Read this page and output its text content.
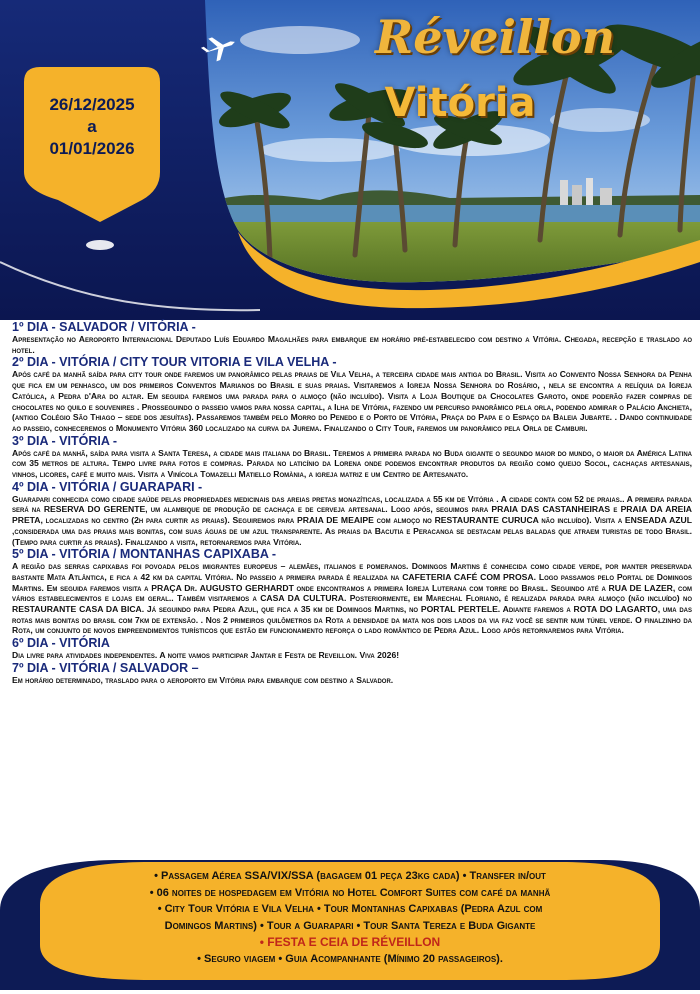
26/12/2025
a
01/01/2026
Réveillon
Vitória

1º DIA - SALVADOR / VITÓRIA -

Apresentação no Aeroporto Internacional Deputado Luís Eduardo Magalhães para embarque em horário pré-estabelecido com destino a Vitória. Chegada, recepção e traslado ao hotel.

2º DIA - VITÓRIA / CITY TOUR VITORIA E VILA VELHA -

Após café da manhã saída para city tour onde faremos um panorâmico pelas praias de Vila Velha, a terceira cidade mais antiga do Brasil. Visita ao Convento Nossa Senhora da Penha que fica em um penhasco, um dos primeiros Conventos Marianos do Brasil e suas praias. Visitaremos a Igreja Nossa Senhora do Rosário, , nela se encontra a relíquia da Igreja Católica, a Pedra d'Ara do altar. Em seguida faremos uma parada para o almoço (não incluído). Visita a Loja Boutique da Chocolates Garoto, onde poderão fazer compras de chocolates no quilo e souvenires . Prosseguindo o passeio vamos para nossa capital, a Ilha de Vitória, fazendo um percurso panorâmico pela orla, podendo admirar o Palácio Anchieta, (antigo Colégio São Thiago – sede dos jesuítas). Passaremos também pelo Morro do Penedo e o Porto de Vitória, Praça do Papa e o Espaço da Baleia Jubarte. . Dando continuidade ao passeio, conheceremos o Monumento Vitória 360 localizado na curva da Jurema. Finalizando o City Tour, faremos um panorâmico pela Orla de Camburi.

3º DIA - VITÓRIA -

Após café da manhã, saída para visita a Santa Teresa, a cidade mais italiana do Brasil. Teremos a primeira parada no Buda gigante o segundo maior do mundo, o maior da América Latina com 35 metros de altura. Tempo livre para fotos e compras. Parada no laticínio da Lorena onde podemos encontrar produtos da região como queijo Socol, cachaças artesanais, vinhos, licores, café e muito mais. Visita a Vinícola Tomazelli Matiello Romània, a igreja matriz e um Centro de Artesanato.

4º DIA - VITÓRIA / GUARAPARI -

Guarapari conhecida como cidade saúde pelas propriedades medicinais das areias pretas monazíticas, localizada a 55 km de Vitória . A cidade conta com 52 de praias.. A primeira parada será na RESERVA DO GERENTE, um alambique de produção de cachaça e de cerveja artesanal. Logo após, seguimos para PRAIA DAS CASTANHEIRAS e PRAIA DA AREIA PRETA, localizadas no centro (2h para curtir as praias). Seguiremos para PRAIA DE MEAIPE com almoço no RESTAURANTE CURUCA não incluído). Visita a ENSEADA AZUL ,considerada uma das praias mais bonitas, com suas águas de um azul transparente. As praias da Bacutia e Peracanga se destacam pelas baladas que atraem turistas de todo Brasil. (Tempo para curtir as praias). Finalizando a visita, retornaremos para Vitória.

5º DIA - VITÓRIA / MONTANHAS CAPIXABA -

A região das serras capixabas foi povoada pelos imigrantes europeus – alemães, italianos e pomeranos. Domingos Martins é conhecida como cidade verde, por manter preservada bastante Mata Atlântica, e fica a 42 km da capital Vitória. No passeio a primeira parada é realizada na CAFETERIA CAFÉ COM PROSA. Logo passamos pelo Portal de Domingos Martins. Em seguida faremos visita a PRAÇA Dr. AUGUSTO GERHARDT onde encontramos a primeira Igreja Luterana com torre do Brasil. Seguindo até a RUA DE LAZER, com vários estabelecimentos e lojas em geral.. Também visitaremos a CASA DA CULTURA. Posteriormente, em Marechal Floriano, é realizada parada para almoço (não incluído) no RESTAURANTE CASA DA BICA. Já seguindo para Pedra Azul, que fica a 35 km de Domingos Martins, no PORTAL PERTELE. Adiante faremos a ROTA DO LAGARTO, uma das rotas mais bonitas do brasil com 7km de extensão. . Nos 2 primeiros quilômetros da Rota a densidade da mata nos dois lados da via faz você se sentir num túnel verde. O finalzinho da Rota, um conjunto de novos empreendimentos turísticos que estão em funcionamento reforça o lado romântico de Pedra Azul. Logo após retornaremos para Vitória.

6º DIA - VITÓRIA

Dia livre para atividades independentes. A noite vamos participar Jantar e Festa de Reveillon. Viva 2026!

7º DIA - VITÓRIA / SALVADOR –

Em horário determinado, traslado para o aeroporto em Vitória para embarque com destino a Salvador.

• Passagem Aérea SSA/VIX/SSA (bagagem 01 peça 23kg cada) • Transfer in/out
• 06 noites de hospedagem em Vitória no Hotel Comfort Suites com café da manhã
• City Tour Vitória e Vila Velha • Tour Montanhas Capixabas (Pedra Azul com
Domingos Martins) • Tour a Guarapari • Tour Santa Tereza e Buda Gigante
• FESTA E CEIA DE RÉVEILLON
• Seguro viagem • Guia Acompanhante (Mínimo 20 passageiros).
